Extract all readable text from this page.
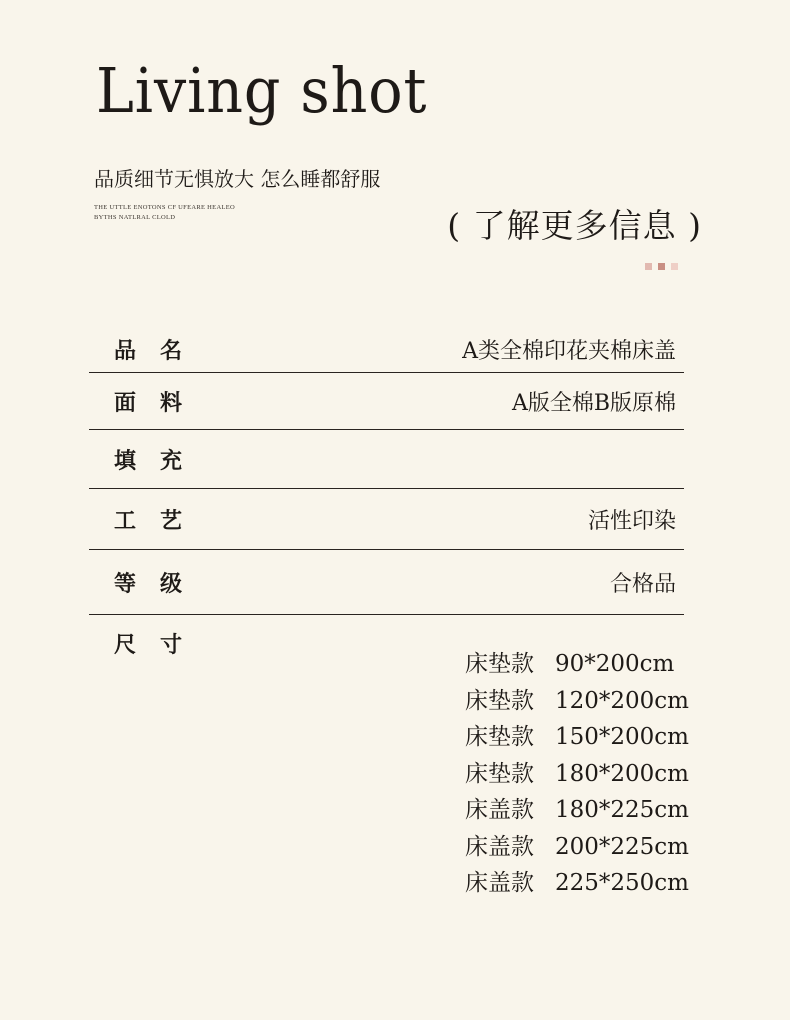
Living shot

品质细节无惧放大 怎么睡都舒服

THE UTTLE ENOTONS CF UFEARE HEALEO
BYTHS NATLRAL CLOLD	( 了解更多信息 )
品名	A类全棉印花夹棉床盖
面料	A版全棉B版原棉
填充
工艺	活性印染
等级	合格品
尺寸
床垫款 90*200cm
床垫款 120*200cm
床垫款 150*200cm
床垫款 180*200cm
床盖款 180*225cm
床盖款 200*225cm
床盖款 225*250cm
